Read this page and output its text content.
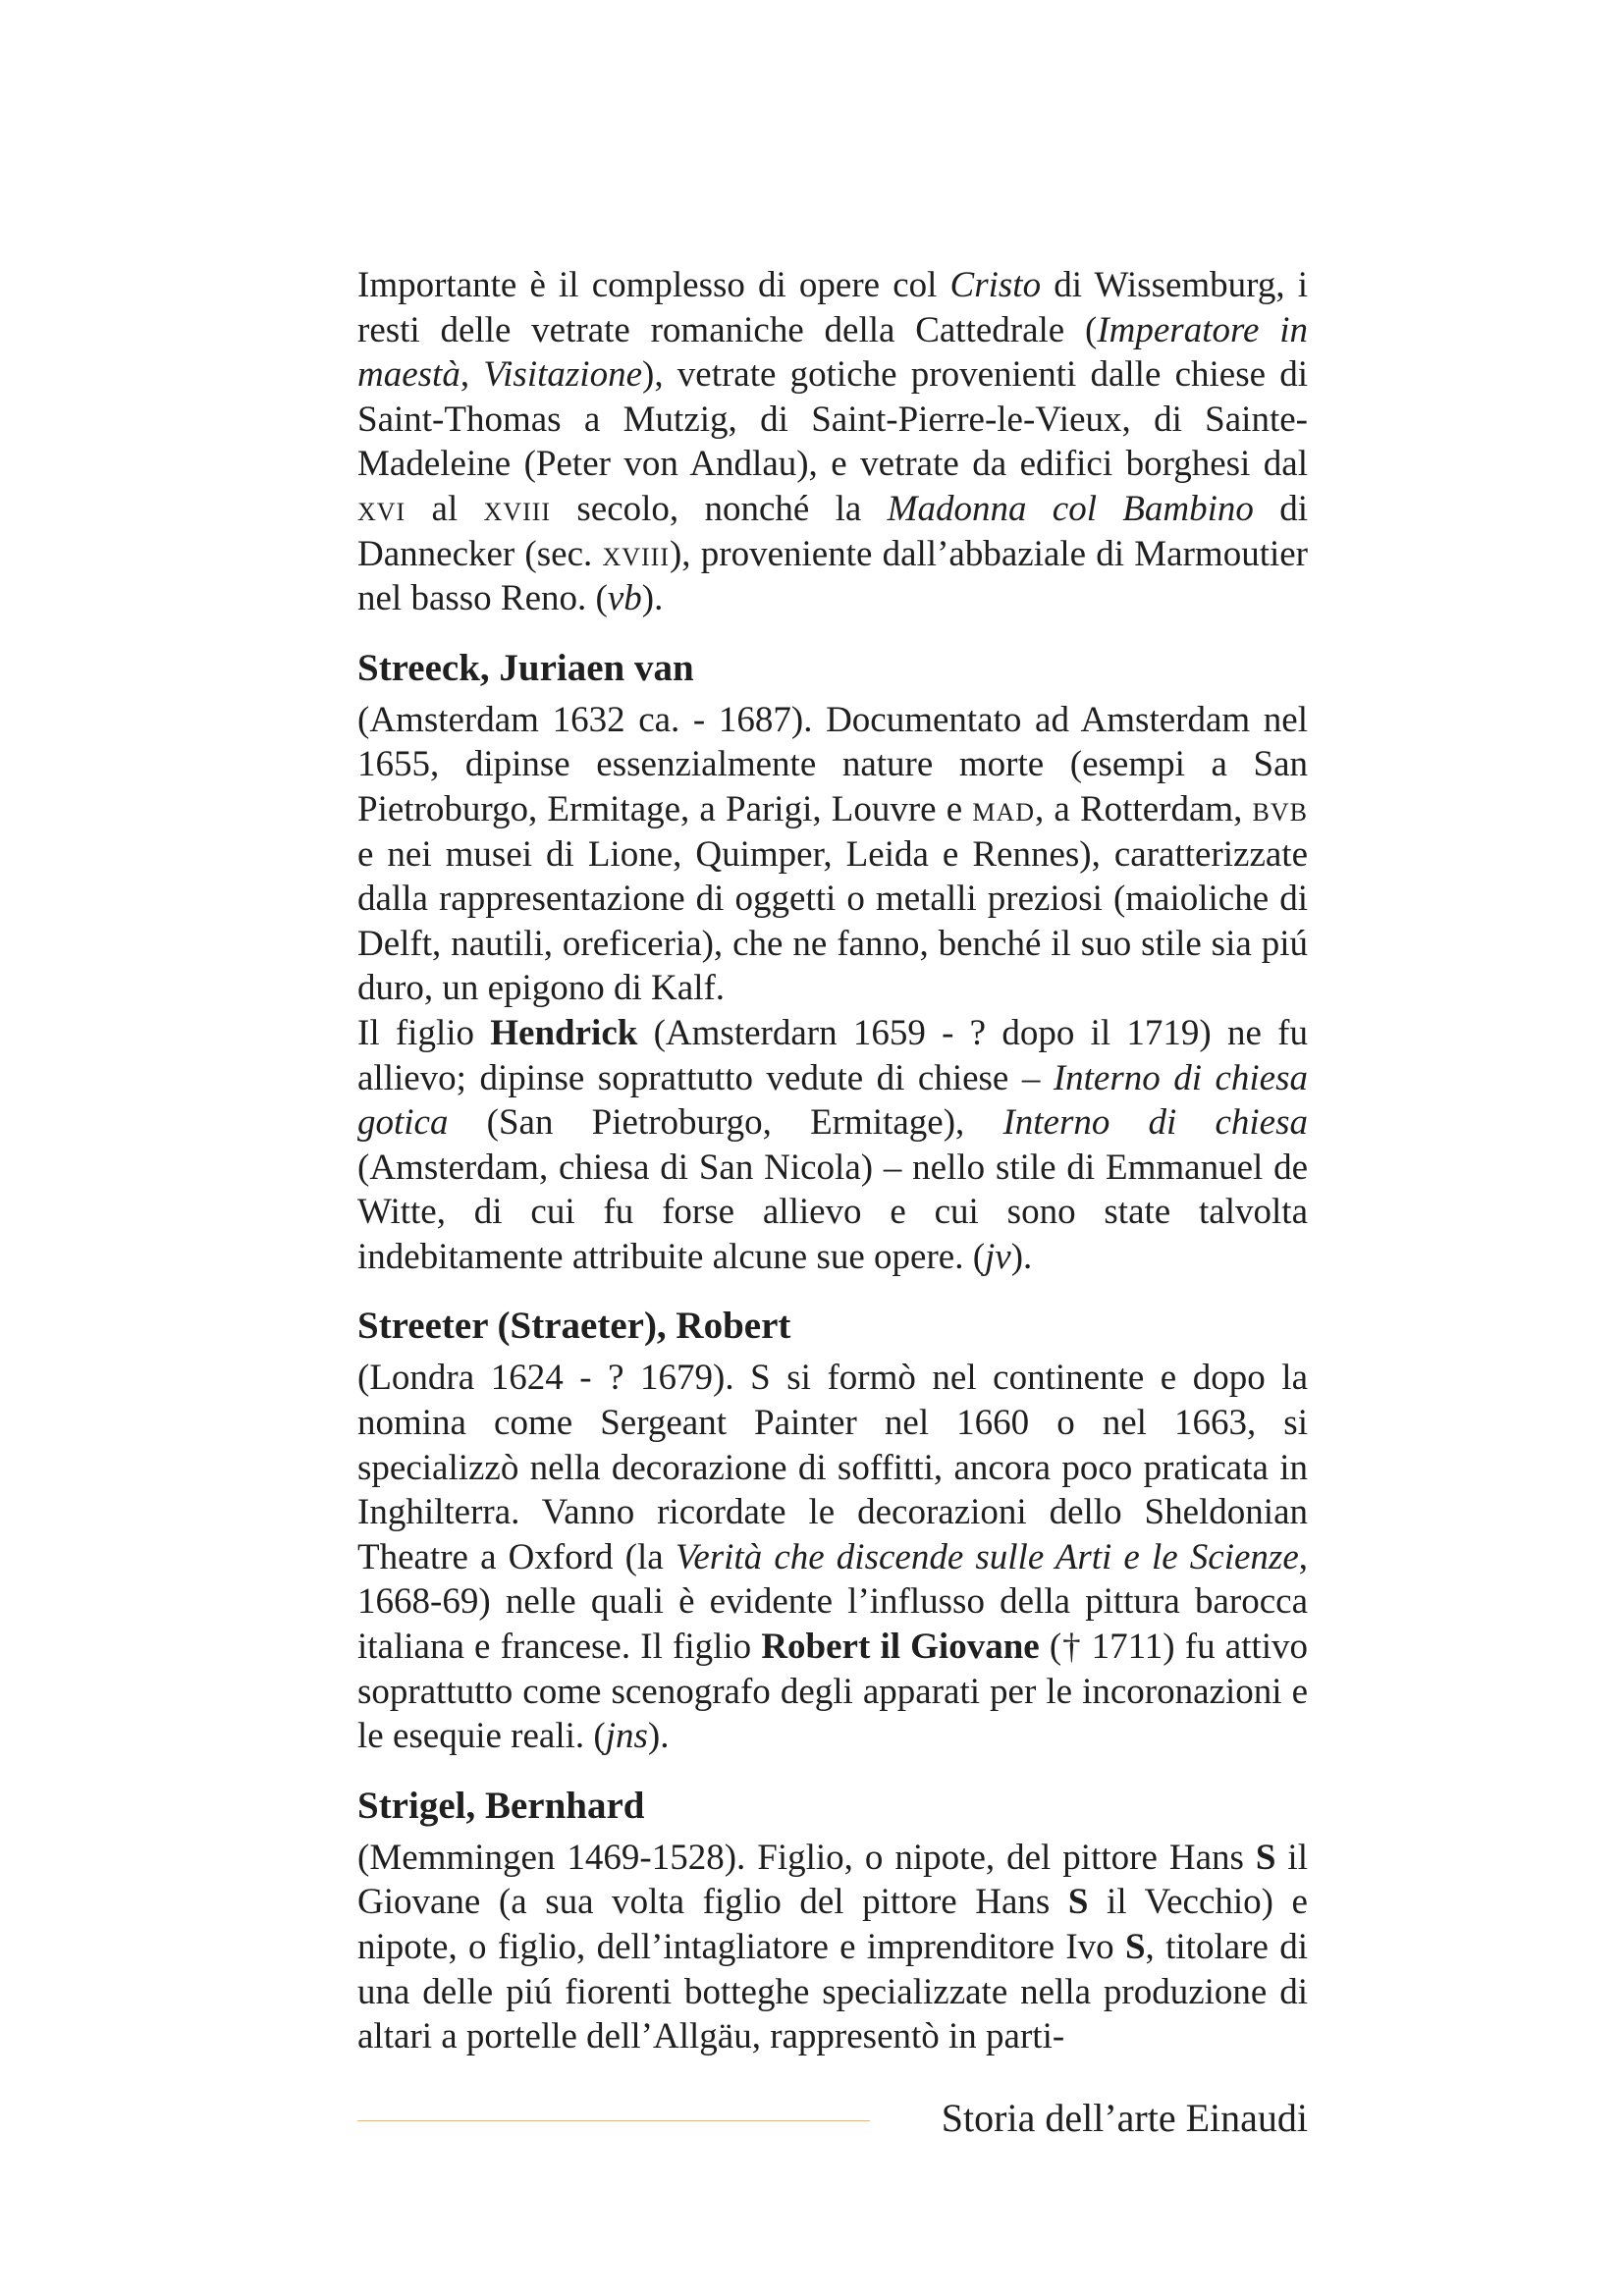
Importante è il complesso di opere col Cristo di Wissemburg, i resti delle vetrate romaniche della Cattedrale (Imperatore in maestà, Visitazione), vetrate gotiche provenienti dalle chiese di Saint-Thomas a Mutzig, di Saint-Pierre-le-Vieux, di Sainte-Madeleine (Peter von Andlau), e vetrate da edifici borghesi dal xvi al xviii secolo, nonché la Madonna col Bambino di Dannecker (sec. xviii), proveniente dall’abbaziale di Marmoutier nel basso Reno. (vb).

Streeck, Juriaen van

(Amsterdam 1632 ca. - 1687). Documentato ad Amsterdam nel 1655, dipinse essenzialmente nature morte (esempi a San Pietroburgo, Ermitage, a Parigi, Louvre e mad, a Rotterdam, bvb e nei musei di Lione, Quimper, Leida e Rennes), caratterizzate dalla rappresentazione di oggetti o metalli preziosi (maioliche di Delft, nautili, oreficeria), che ne fanno, benché il suo stile sia piú duro, un epigono di Kalf.

Il figlio Hendrick (Amsterdarn 1659 - ? dopo il 1719) ne fu allievo; dipinse soprattutto vedute di chiese – Interno di chiesa gotica (San Pietroburgo, Ermitage), Interno di chiesa (Amsterdam, chiesa di San Nicola) – nello stile di Emmanuel de Witte, di cui fu forse allievo e cui sono state talvolta indebitamente attribuite alcune sue opere. (jv).

Streeter (Straeter), Robert

(Londra 1624 - ? 1679). S si formò nel continente e dopo la nomina come Sergeant Painter nel 1660 o nel 1663, si specializzò nella decorazione di soffitti, ancora poco praticata in Inghilterra. Vanno ricordate le decorazioni dello Sheldonian Theatre a Oxford (la Verità che discende sulle Arti e le Scienze, 1668-69) nelle quali è evidente l’influsso della pittura barocca italiana e francese. Il figlio Robert il Giovane († 1711) fu attivo soprattutto come scenografo degli apparati per le incoronazioni e le esequie reali. (jns).

Strigel, Bernhard

(Memmingen 1469-1528). Figlio, o nipote, del pittore Hans S il Giovane (a sua volta figlio del pittore Hans S il Vecchio) e nipote, o figlio, dell’intagliatore e imprenditore Ivo S, titolare di una delle piú fiorenti botteghe specializzate nella produzione di altari a portelle dell’Allgäu, rappresentò in parti-

Storia dell’arte Einaudi
